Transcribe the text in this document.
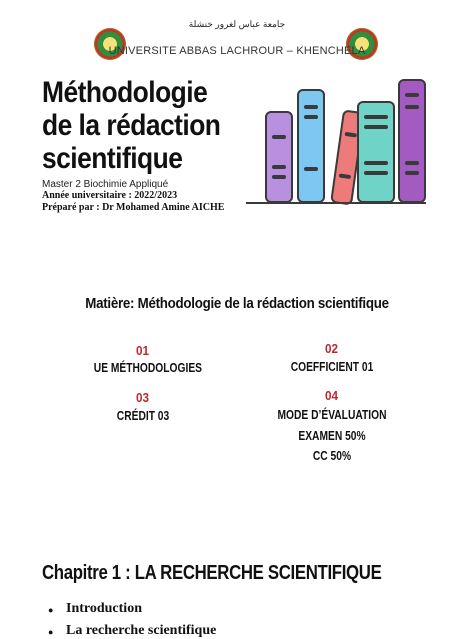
جامعة عباس لغرور خنشلة
UNIVERSITE ABBAS LACHROUR – KHENCHELA
Méthodologie
de la rédaction
scientifique
Master 2 Biochimie Appliqué
Année universitaire : 2022/2023
Préparé par : Dr Mohamed Amine AICHE
Matière: Méthodologie de la rédaction scientifique
01
UE MÉTHODOLOGIES
02
COEFFICIENT 01
03
CRÉDIT 03
04
MODE D’ÉVALUATION
EXAMEN 50%
CC 50%
Chapitre 1 : LA RECHERCHE SCIENTIFIQUE
● Introduction
● La recherche scientifique
